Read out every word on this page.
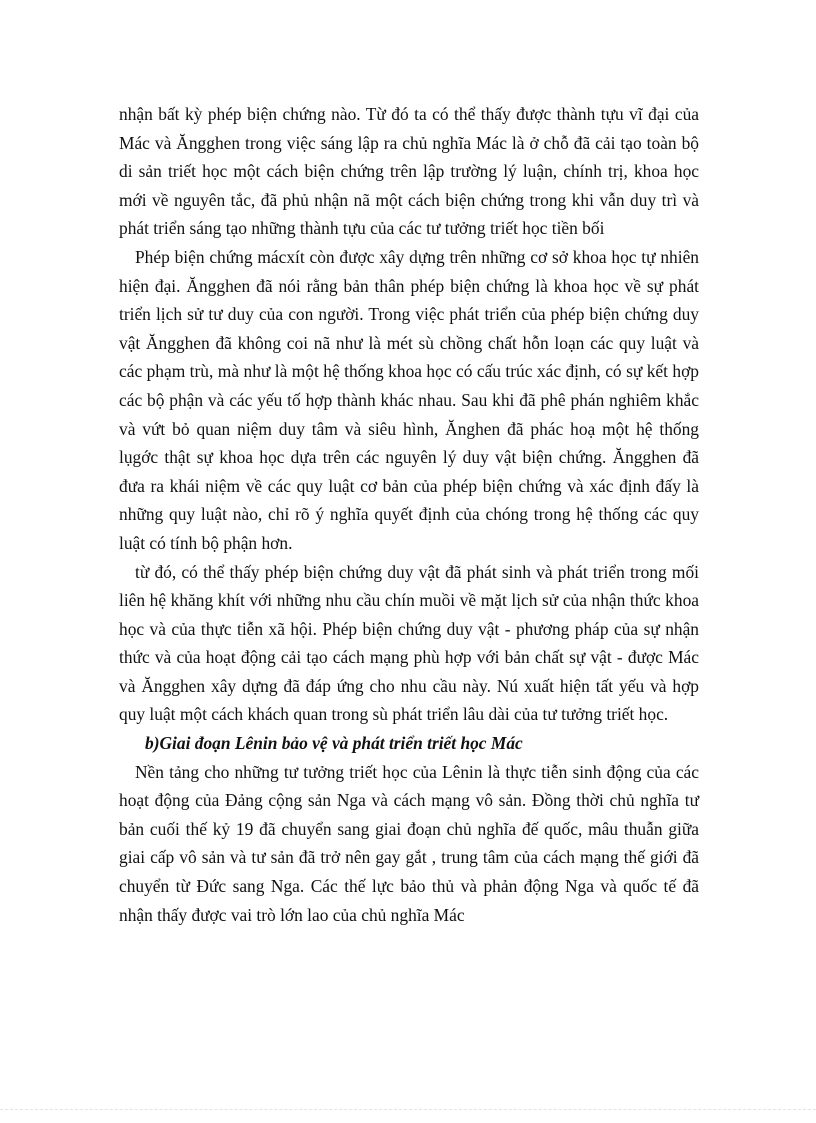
nhận bất kỳ phép biện chứng nào. Từ đó ta có thể thấy được thành tựu vĩ đại của Mác và Ăngghen trong việc sáng lập ra chủ nghĩa Mác là ở chỗ đã cải tạo toàn bộ di sản triết học một cách biện chứng trên lập trường lý luận, chính trị, khoa học mới về nguyên tắc, đã phủ nhận nã một cách biện chứng trong khi vẫn duy trì và phát triển sáng tạo những thành tựu của các tư tưởng triết học tiền bối

Phép biện chứng mácxít còn được xây dựng trên những cơ sở khoa học tự nhiên hiện đại. Ăngghen đã nói rằng bản thân phép biện chứng là khoa học về sự phát triển lịch sử tư duy của con người. Trong việc phát triển của phép biện chứng duy vật Ăngghen đã không coi nã như là mét sù chồng chất hỗn loạn các quy luật và các phạm trù, mà như là một hệ thống khoa học có cấu trúc xác định, có sự kết hợp các bộ phận và các yếu tố hợp thành khác nhau. Sau khi đã phê phán nghiêm khắc và vứt bỏ quan niệm duy tâm và siêu hình, Ănghen đã phác hoạ một hệ thống lụgớc thật sự khoa học dựa trên các nguyên lý duy vật biện chứng. Ăngghen đã đưa ra khái niệm về các quy luật cơ bản của phép biện chứng và xác định đấy là những quy luật nào, chỉ rõ ý nghĩa quyết định của chóng trong hệ thống các quy luật có tính bộ phận hơn.

từ đó, có thể thấy phép biện chứng duy vật đã phát sinh và phát triển trong mối liên hệ khăng khít với những nhu cầu chín muồi về mặt lịch sử của nhận thức khoa học và của thực tiễn xã hội. Phép biện chứng duy vật - phương pháp của sự nhận thức và của hoạt động cải tạo cách mạng phù hợp với bản chất sự vật - được Mác và Ăngghen xây dựng đã đáp ứng cho nhu cầu này. Nú xuất hiện tất yếu và hợp quy luật một cách khách quan trong sù phát triển lâu dài của tư tưởng triết học.

b)Giai đoạn Lênin bảo vệ và phát triển triết học Mác

Nền tảng cho những tư tưởng triết học của Lênin là thực tiễn sinh động của các hoạt động của Đảng cộng sản Nga và cách mạng vô sản. Đồng thời chủ nghĩa tư bản cuối thế kỷ 19 đã chuyển sang giai đoạn chủ nghĩa đế quốc, mâu thuẫn giữa giai cấp vô sản và tư sản đã trở nên gay gắt , trung tâm của cách mạng thế giới đã chuyển từ Đức sang Nga. Các thế lực bảo thủ và phản động Nga và quốc tế đã nhận thấy được vai trò lớn lao của chủ nghĩa Mác
